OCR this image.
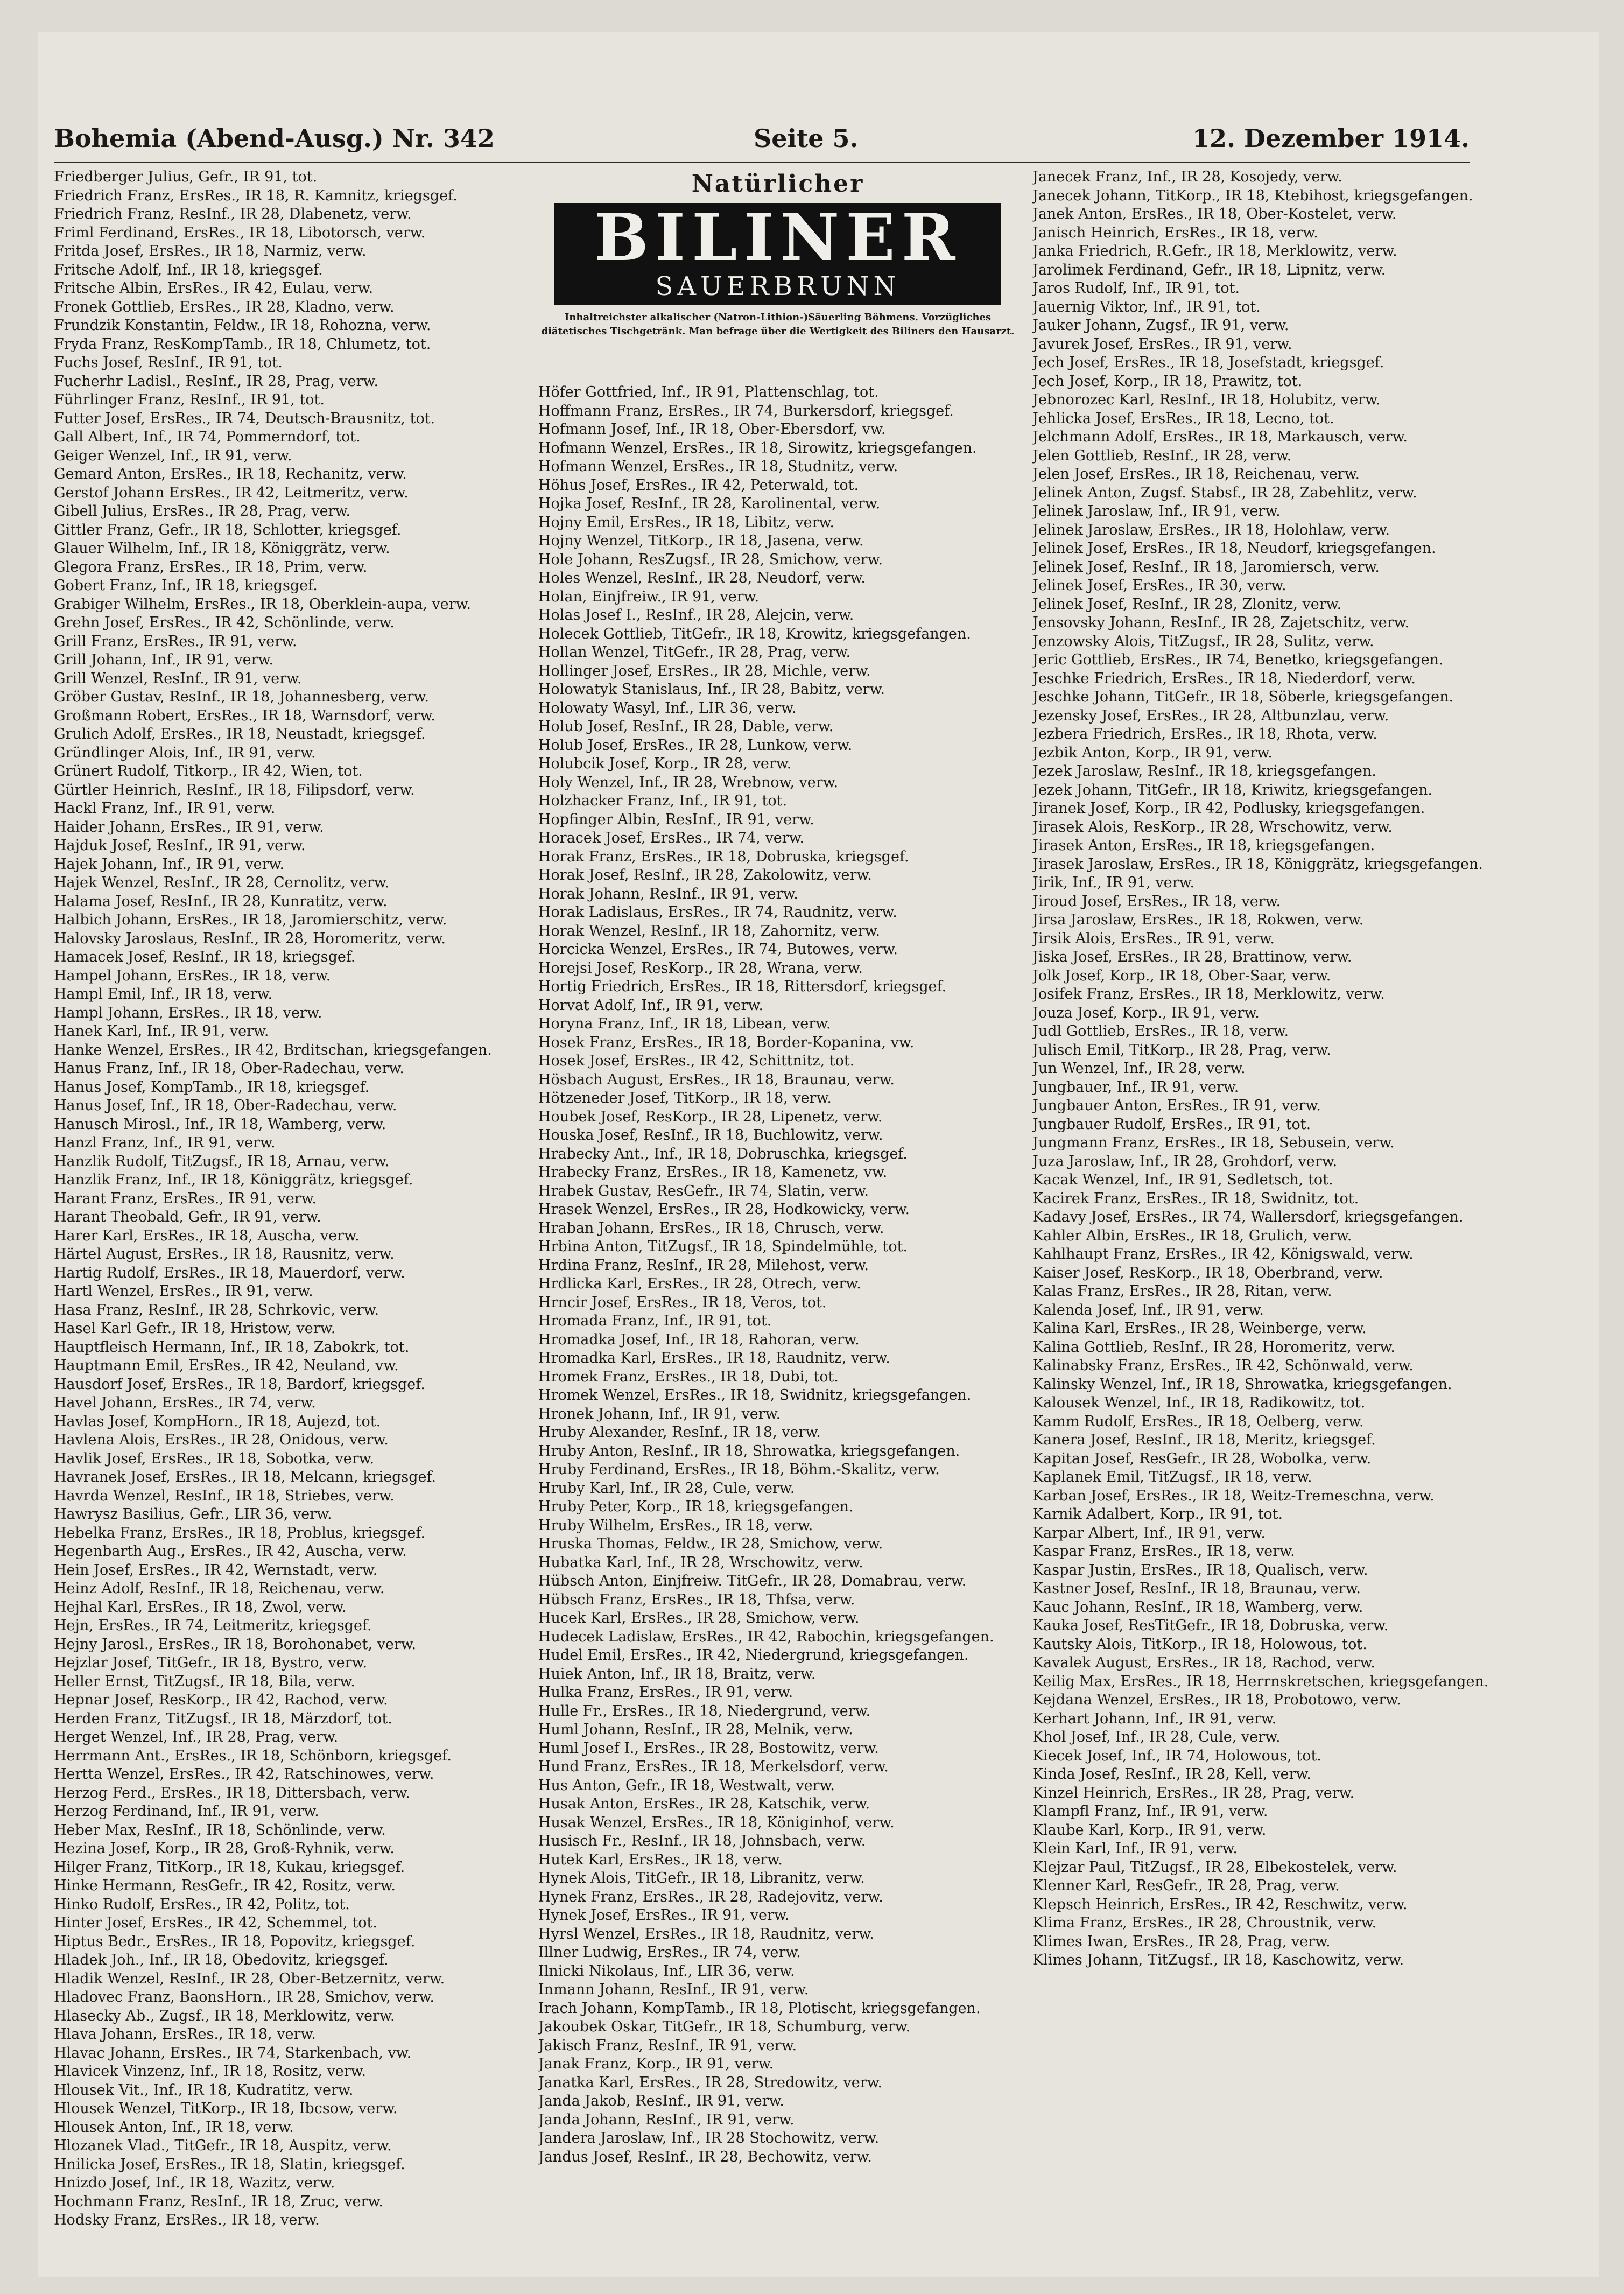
Bohemia (Abend-Ausg.) Nr. 342	Seite 5.	12. Dezember 1914.
Natürlicher
BILINER
SAUERBRUNN
Inhaltreichster alkalischer (Natron-Lithion-)Säuerling Böhmens. Vorzügliches diätetisches Tischgetränk. Man befrage über die Wertigkeit des Biliners den Hausarzt.
Friedberger Julius, Gefr., IR 91, tot.
Friedrich Franz, ErsRes., IR 18, R. Kamnitz, kriegsgef.
Friedrich Franz, ResInf., IR 28, Dlabenetz, verw.
Friml Ferdinand, ErsRes., IR 18, Libotorsch, verw.
Fritda Josef, ErsRes., IR 18, Narmiz, verw.
Fritsche Adolf, Inf., IR 18, kriegsgef.
Fritsche Albin, ErsRes., IR 42, Eulau, verw.
Fronek Gottlieb, ErsRes., IR 28, Kladno, verw.
Frundzik Konstantin, Feldw., IR 18, Rohozna, verw.
Fryda Franz, ResKompTamb., IR 18, Chlumetz, tot.
Fuchs Josef, ResInf., IR 91, tot.
Fucherhr Ladisl., ResInf., IR 28, Prag, verw.
Führlinger Franz, ResInf., IR 91, tot.
Futter Josef, ErsRes., IR 74, Deutsch-Brausnitz, tot.
Gall Albert, Inf., IR 74, Pommerndorf, tot.
Geiger Wenzel, Inf., IR 91, verw.
Gemard Anton, ErsRes., IR 18, Rechanitz, verw.
Gerstof Johann ErsRes., IR 42, Leitmeritz, verw.
Gibell Julius, ErsRes., IR 28, Prag, verw.
Gittler Franz, Gefr., IR 18, Schlotter, kriegsgef.
Glauer Wilhelm, Inf., IR 18, Königgrätz, verw.
Glegora Franz, ErsRes., IR 18, Prim, verw.
Gobert Franz, Inf., IR 18, kriegsgef.
Grabiger Wilhelm, ErsRes., IR 18, Oberklein-aupa, verw.
Grehn Josef, ErsRes., IR 42, Schönlinde, verw.
Grill Franz, ErsRes., IR 91, verw.
Grill Johann, Inf., IR 91, verw.
Grill Wenzel, ResInf., IR 91, verw.
Gröber Gustav, ResInf., IR 18, Johannesberg, verw.
Großmann Robert, ErsRes., IR 18, Warnsdorf, verw.
Grulich Adolf, ErsRes., IR 18, Neustadt, kriegsgef.
Gründlinger Alois, Inf., IR 91, verw.
Grünert Rudolf, Titkorp., IR 42, Wien, tot.
Gürtler Heinrich, ResInf., IR 18, Filipsdorf, verw.
Hackl Franz, Inf., IR 91, verw.
Haider Johann, ErsRes., IR 91, verw.
Hajduk Josef, ResInf., IR 91, verw.
Hajek Johann, Inf., IR 91, verw.
Hajek Wenzel, ResInf., IR 28, Cernolitz, verw.
Halama Josef, ResInf., IR 28, Kunratitz, verw.
Halbich Johann, ErsRes., IR 18, Jaromierschitz, verw.
Halovsky Jaroslaus, ResInf., IR 28, Horomeritz, verw.
Hamacek Josef, ResInf., IR 18, kriegsgef.
Hampel Johann, ErsRes., IR 18, verw.
Hampl Emil, Inf., IR 18, verw.
Hampl Johann, ErsRes., IR 18, verw.
Hanek Karl, Inf., IR 91, verw.
Hanke Wenzel, ErsRes., IR 42, Brditschan, kriegsgefangen.
Hanus Franz, Inf., IR 18, Ober-Radechau, verw.
Hanus Josef, KompTamb., IR 18, kriegsgef.
Hanus Josef, Inf., IR 18, Ober-Radechau, verw.
Hanusch Mirosl., Inf., IR 18, Wamberg, verw.
Hanzl Franz, Inf., IR 91, verw.
Hanzlik Rudolf, TitZugsf., IR 18, Arnau, verw.
Hanzlik Franz, Inf., IR 18, Königgrätz, kriegsgef.
Harant Franz, ErsRes., IR 91, verw.
Harant Theobald, Gefr., IR 91, verw.
Harer Karl, ErsRes., IR 18, Auscha, verw.
Härtel August, ErsRes., IR 18, Rausnitz, verw.
Hartig Rudolf, ErsRes., IR 18, Mauerdorf, verw.
Hartl Wenzel, ErsRes., IR 91, verw.
Hasa Franz, ResInf., IR 28, Schrkovic, verw.
Hasel Karl Gefr., IR 18, Hristow, verw.
Hauptfleisch Hermann, Inf., IR 18, Zabokrk, tot.
Hauptmann Emil, ErsRes., IR 42, Neuland, vw.
Hausdorf Josef, ErsRes., IR 18, Bardorf, kriegsgef.
Havel Johann, ErsRes., IR 74, verw.
Havlas Josef, KompHorn., IR 18, Aujezd, tot.
Havlena Alois, ErsRes., IR 28, Onidous, verw.
Havlik Josef, ErsRes., IR 18, Sobotka, verw.
Havranek Josef, ErsRes., IR 18, Melcann, kriegsgef.
Havrda Wenzel, ResInf., IR 18, Striebes, verw.
Hawrysz Basilius, Gefr., LIR 36, verw.
Hebelka Franz, ErsRes., IR 18, Problus, kriegsgef.
Hegenbarth Aug., ErsRes., IR 42, Auscha, verw.
Hein Josef, ErsRes., IR 42, Wernstadt, verw.
Heinz Adolf, ResInf., IR 18, Reichenau, verw.
Hejhal Karl, ErsRes., IR 18, Zwol, verw.
Hejn, ErsRes., IR 74, Leitmeritz, kriegsgef.
Hejny Jarosl., ErsRes., IR 18, Borohonabet, verw.
Hejzlar Josef, TitGefr., IR 18, Bystro, verw.
Heller Ernst, TitZugsf., IR 18, Bila, verw.
Hepnar Josef, ResKorp., IR 42, Rachod, verw.
Herden Franz, TitZugsf., IR 18, Märzdorf, tot.
Herget Wenzel, Inf., IR 28, Prag, verw.
Herrmann Ant., ErsRes., IR 18, Schönborn, kriegsgef.
Hertta Wenzel, ErsRes., IR 42, Ratschinowes, verw.
Herzog Ferd., ErsRes., IR 18, Dittersbach, verw.
Herzog Ferdinand, Inf., IR 91, verw.
Heber Max, ResInf., IR 18, Schönlinde, verw.
Hezina Josef, Korp., IR 28, Groß-Ryhnik, verw.
Hilger Franz, TitKorp., IR 18, Kukau, kriegsgef.
Hinke Hermann, ResGefr., IR 42, Rositz, verw.
Hinko Rudolf, ErsRes., IR 42, Politz, tot.
Hinter Josef, ErsRes., IR 42, Schemmel, tot.
Hiptus Bedr., ErsRes., IR 18, Popovitz, kriegsgef.
Hladek Joh., Inf., IR 18, Obedovitz, kriegsgef.
Hladik Wenzel, ResInf., IR 28, Ober-Betzernitz, verw.
Hladovec Franz, BaonsHorn., IR 28, Smichov, verw.
Hlasecky Ab., Zugsf., IR 18, Merklowitz, verw.
Hlava Johann, ErsRes., IR 18, verw.
Hlavac Johann, ErsRes., IR 74, Starkenbach, vw.
Hlavicek Vinzenz, Inf., IR 18, Rositz, verw.
Hlousek Vit., Inf., IR 18, Kudratitz, verw.
Hlousek Wenzel, TitKorp., IR 18, Ibcsow, verw.
Hlousek Anton, Inf., IR 18, verw.
Hlozanek Vlad., TitGefr., IR 18, Auspitz, verw.
Hnilicka Josef, ErsRes., IR 18, Slatin, kriegsgef.
Hnizdo Josef, Inf., IR 18, Wazitz, verw.
Hochmann Franz, ResInf., IR 18, Zruc, verw.
Hodsky Franz, ErsRes., IR 18, verw.
Höfer Gottfried, Inf., IR 91, Plattenschlag, tot.
Hoffmann Franz, ErsRes., IR 74, Burkersdorf, kriegsgef.
Hofmann Josef, Inf., IR 18, Ober-Ebersdorf, vw.
Hofmann Wenzel, ErsRes., IR 18, Sirowitz, kriegsgefangen.
Hofmann Wenzel, ErsRes., IR 18, Studnitz, verw.
Höhus Josef, ErsRes., IR 42, Peterwald, tot.
Hojka Josef, ResInf., IR 28, Karolinental, verw.
Hojny Emil, ErsRes., IR 18, Libitz, verw.
Hojny Wenzel, TitKorp., IR 18, Jasena, verw.
Hole Johann, ResZugsf., IR 28, Smichow, verw.
Holes Wenzel, ResInf., IR 28, Neudorf, verw.
Holan, Einjfreiw., IR 91, verw.
Holas Josef I., ResInf., IR 28, Alejcin, verw.
Holecek Gottlieb, TitGefr., IR 18, Krowitz, kriegsgefangen.
Hollan Wenzel, TitGefr., IR 28, Prag, verw.
Hollinger Josef, ErsRes., IR 28, Michle, verw.
Holowatyk Stanislaus, Inf., IR 28, Babitz, verw.
Holowaty Wasyl, Inf., LIR 36, verw.
Holub Josef, ResInf., IR 28, Dable, verw.
Holub Josef, ErsRes., IR 28, Lunkow, verw.
Holubcik Josef, Korp., IR 28, verw.
Holy Wenzel, Inf., IR 28, Wrebnow, verw.
Holzhacker Franz, Inf., IR 91, tot.
Hopfinger Albin, ResInf., IR 91, verw.
Horacek Josef, ErsRes., IR 74, verw.
Horak Franz, ErsRes., IR 18, Dobruska, kriegsgef.
Horak Josef, ResInf., IR 28, Zakolowitz, verw.
Horak Johann, ResInf., IR 91, verw.
Horak Ladislaus, ErsRes., IR 74, Raudnitz, verw.
Horak Wenzel, ResInf., IR 18, Zahornitz, verw.
Horcicka Wenzel, ErsRes., IR 74, Butowes, verw.
Horejsi Josef, ResKorp., IR 28, Wrana, verw.
Hortig Friedrich, ErsRes., IR 18, Rittersdorf, kriegsgef.
Horvat Adolf, Inf., IR 91, verw.
Horyna Franz, Inf., IR 18, Libean, verw.
Hosek Franz, ErsRes., IR 18, Border-Kopanina, vw.
Hosek Josef, ErsRes., IR 42, Schittnitz, tot.
Hösbach August, ErsRes., IR 18, Braunau, verw.
Hötzeneder Josef, TitKorp., IR 18, verw.
Houbek Josef, ResKorp., IR 28, Lipenetz, verw.
Houska Josef, ResInf., IR 18, Buchlowitz, verw.
Hrabecky Ant., Inf., IR 18, Dobruschka, kriegsgef.
Hrabecky Franz, ErsRes., IR 18, Kamenetz, vw.
Hrabek Gustav, ResGefr., IR 74, Slatin, verw.
Hrasek Wenzel, ErsRes., IR 28, Hodkowicky, verw.
Hraban Johann, ErsRes., IR 18, Chrusch, verw.
Hrbina Anton, TitZugsf., IR 18, Spindelmühle, tot.
Hrdina Franz, ResInf., IR 28, Milehost, verw.
Hrdlicka Karl, ErsRes., IR 28, Otrech, verw.
Hrncir Josef, ErsRes., IR 18, Veros, tot.
Hromada Franz, Inf., IR 91, tot.
Hromadka Josef, Inf., IR 18, Rahoran, verw.
Hromadka Karl, ErsRes., IR 18, Raudnitz, verw.
Hromek Franz, ErsRes., IR 18, Dubi, tot.
Hromek Wenzel, ErsRes., IR 18, Swidnitz, kriegsgefangen.
Hronek Johann, Inf., IR 91, verw.
Hruby Alexander, ResInf., IR 18, verw.
Hruby Anton, ResInf., IR 18, Shrowatka, kriegsgefangen.
Hruby Ferdinand, ErsRes., IR 18, Böhm.-Skalitz, verw.
Hruby Karl, Inf., IR 28, Cule, verw.
Hruby Peter, Korp., IR 18, kriegsgefangen.
Hruby Wilhelm, ErsRes., IR 18, verw.
Hruska Thomas, Feldw., IR 28, Smichow, verw.
Hubatka Karl, Inf., IR 28, Wrschowitz, verw.
Hübsch Anton, Einjfreiw. TitGefr., IR 28, Domabrau, verw.
Hübsch Franz, ErsRes., IR 18, Thfsa, verw.
Hucek Karl, ErsRes., IR 28, Smichow, verw.
Hudecek Ladislaw, ErsRes., IR 42, Rabochin, kriegsgefangen.
Hudel Emil, ErsRes., IR 42, Niedergrund, kriegsgefangen.
Huiek Anton, Inf., IR 18, Braitz, verw.
Hulka Franz, ErsRes., IR 91, verw.
Hulle Fr., ErsRes., IR 18, Niedergrund, verw.
Huml Johann, ResInf., IR 28, Melnik, verw.
Huml Josef I., ErsRes., IR 28, Bostowitz, verw.
Hund Franz, ErsRes., IR 18, Merkelsdorf, verw.
Hus Anton, Gefr., IR 18, Westwalt, verw.
Husak Anton, ErsRes., IR 28, Katschik, verw.
Husak Wenzel, ErsRes., IR 18, Königinhof, verw.
Husisch Fr., ResInf., IR 18, Johnsbach, verw.
Hutek Karl, ErsRes., IR 18, verw.
Hynek Alois, TitGefr., IR 18, Libranitz, verw.
Hynek Franz, ErsRes., IR 28, Radejovitz, verw.
Hynek Josef, ErsRes., IR 91, verw.
Hyrsl Wenzel, ErsRes., IR 18, Raudnitz, verw.
Illner Ludwig, ErsRes., IR 74, verw.
Ilnicki Nikolaus, Inf., LIR 36, verw.
Inmann Johann, ResInf., IR 91, verw.
Irach Johann, KompTamb., IR 18, Plotischt, kriegsgefangen.
Jakoubek Oskar, TitGefr., IR 18, Schumburg, verw.
Jakisch Franz, ResInf., IR 91, verw.
Janak Franz, Korp., IR 91, verw.
Janatka Karl, ErsRes., IR 28, Stredowitz, verw.
Janda Jakob, ResInf., IR 91, verw.
Janda Johann, ResInf., IR 91, verw.
Jandera Jaroslaw, Inf., IR 28 Stochowitz, verw.
Jandus Josef, ResInf., IR 28, Bechowitz, verw.
Janecek Franz, Inf., IR 28, Kosojedy, verw.
Janecek Johann, TitKorp., IR 18, Ktebihost, kriegsgefangen.
Janek Anton, ErsRes., IR 18, Ober-Kostelet, verw.
Janisch Heinrich, ErsRes., IR 18, verw.
Janka Friedrich, R.Gefr., IR 18, Merklowitz, verw.
Jarolimek Ferdinand, Gefr., IR 18, Lipnitz, verw.
Jaros Rudolf, Inf., IR 91, tot.
Jauernig Viktor, Inf., IR 91, tot.
Jauker Johann, Zugsf., IR 91, verw.
Javurek Josef, ErsRes., IR 91, verw.
Jech Josef, ErsRes., IR 18, Josefstadt, kriegsgef.
Jech Josef, Korp., IR 18, Prawitz, tot.
Jebnorozec Karl, ResInf., IR 18, Holubitz, verw.
Jehlicka Josef, ErsRes., IR 18, Lecno, tot.
Jelchmann Adolf, ErsRes., IR 18, Markausch, verw.
Jelen Gottlieb, ResInf., IR 28, verw.
Jelen Josef, ErsRes., IR 18, Reichenau, verw.
Jelinek Anton, Zugsf. Stabsf., IR 28, Zabehlitz, verw.
Jelinek Jaroslaw, Inf., IR 91, verw.
Jelinek Jaroslaw, ErsRes., IR 18, Holohlaw, verw.
Jelinek Josef, ErsRes., IR 18, Neudorf, kriegsgefangen.
Jelinek Josef, ResInf., IR 18, Jaromiersch, verw.
Jelinek Josef, ErsRes., IR 30, verw.
Jelinek Josef, ResInf., IR 28, Zlonitz, verw.
Jensovsky Johann, ResInf., IR 28, Zajetschitz, verw.
Jenzowsky Alois, TitZugsf., IR 28, Sulitz, verw.
Jeric Gottlieb, ErsRes., IR 74, Benetko, kriegsgefangen.
Jeschke Friedrich, ErsRes., IR 18, Niederdorf, verw.
Jeschke Johann, TitGefr., IR 18, Söberle, kriegsgefangen.
Jezensky Josef, ErsRes., IR 28, Altbunzlau, verw.
Jezbera Friedrich, ErsRes., IR 18, Rhota, verw.
Jezbik Anton, Korp., IR 91, verw.
Jezek Jaroslaw, ResInf., IR 18, kriegsgefangen.
Jezek Johann, TitGefr., IR 18, Kriwitz, kriegsgefangen.
Jiranek Josef, Korp., IR 42, Podlusky, kriegsgefangen.
Jirasek Alois, ResKorp., IR 28, Wrschowitz, verw.
Jirasek Anton, ErsRes., IR 18, kriegsgefangen.
Jirasek Jaroslaw, ErsRes., IR 18, Königgrätz, kriegsgefangen.
Jirik, Inf., IR 91, verw.
Jiroud Josef, ErsRes., IR 18, verw.
Jirsa Jaroslaw, ErsRes., IR 18, Rokwen, verw.
Jirsik Alois, ErsRes., IR 91, verw.
Jiska Josef, ErsRes., IR 28, Brattinow, verw.
Jolk Josef, Korp., IR 18, Ober-Saar, verw.
Josifek Franz, ErsRes., IR 18, Merklowitz, verw.
Jouza Josef, Korp., IR 91, verw.
Judl Gottlieb, ErsRes., IR 18, verw.
Julisch Emil, TitKorp., IR 28, Prag, verw.
Jun Wenzel, Inf., IR 28, verw.
Jungbauer, Inf., IR 91, verw.
Jungbauer Anton, ErsRes., IR 91, verw.
Jungbauer Rudolf, ErsRes., IR 91, tot.
Jungmann Franz, ErsRes., IR 18, Sebusein, verw.
Juza Jaroslaw, Inf., IR 28, Grohdorf, verw.
Kacak Wenzel, Inf., IR 91, Sedletsch, tot.
Kacirek Franz, ErsRes., IR 18, Swidnitz, tot.
Kadavy Josef, ErsRes., IR 74, Wallersdorf, kriegsgefangen.
Kahler Albin, ErsRes., IR 18, Grulich, verw.
Kahlhaupt Franz, ErsRes., IR 42, Königswald, verw.
Kaiser Josef, ResKorp., IR 18, Oberbrand, verw.
Kalas Franz, ErsRes., IR 28, Ritan, verw.
Kalenda Josef, Inf., IR 91, verw.
Kalina Karl, ErsRes., IR 28, Weinberge, verw.
Kalina Gottlieb, ResInf., IR 28, Horomeritz, verw.
Kalinabsky Franz, ErsRes., IR 42, Schönwald, verw.
Kalinsky Wenzel, Inf., IR 18, Shrowatka, kriegsgefangen.
Kalousek Wenzel, Inf., IR 18, Radikowitz, tot.
Kamm Rudolf, ErsRes., IR 18, Oelberg, verw.
Kanera Josef, ResInf., IR 18, Meritz, kriegsgef.
Kapitan Josef, ResGefr., IR 28, Wobolka, verw.
Kaplanek Emil, TitZugsf., IR 18, verw.
Karban Josef, ErsRes., IR 18, Weitz-Tremeschna, verw.
Karnik Adalbert, Korp., IR 91, tot.
Karpar Albert, Inf., IR 91, verw.
Kaspar Franz, ErsRes., IR 18, verw.
Kaspar Justin, ErsRes., IR 18, Qualisch, verw.
Kastner Josef, ResInf., IR 18, Braunau, verw.
Kauc Johann, ResInf., IR 18, Wamberg, verw.
Kauka Josef, ResTitGefr., IR 18, Dobruska, verw.
Kautsky Alois, TitKorp., IR 18, Holowous, tot.
Kavalek August, ErsRes., IR 18, Rachod, verw.
Keilig Max, ErsRes., IR 18, Herrnskretschen, kriegsgefangen.
Kejdana Wenzel, ErsRes., IR 18, Probotowo, verw.
Kerhart Johann, Inf., IR 91, verw.
Khol Josef, Inf., IR 28, Cule, verw.
Kiecek Josef, Inf., IR 74, Holowous, tot.
Kinda Josef, ResInf., IR 28, Kell, verw.
Kinzel Heinrich, ErsRes., IR 28, Prag, verw.
Klampfl Franz, Inf., IR 91, verw.
Klaube Karl, Korp., IR 91, verw.
Klein Karl, Inf., IR 91, verw.
Klejzar Paul, TitZugsf., IR 28, Elbekostelek, verw.
Klenner Karl, ResGefr., IR 28, Prag, verw.
Klepsch Heinrich, ErsRes., IR 42, Reschwitz, verw.
Klima Franz, ErsRes., IR 28, Chroustnik, verw.
Klimes Iwan, ErsRes., IR 28, Prag, verw.
Klimes Johann, TitZugsf., IR 18, Kaschowitz, verw.
